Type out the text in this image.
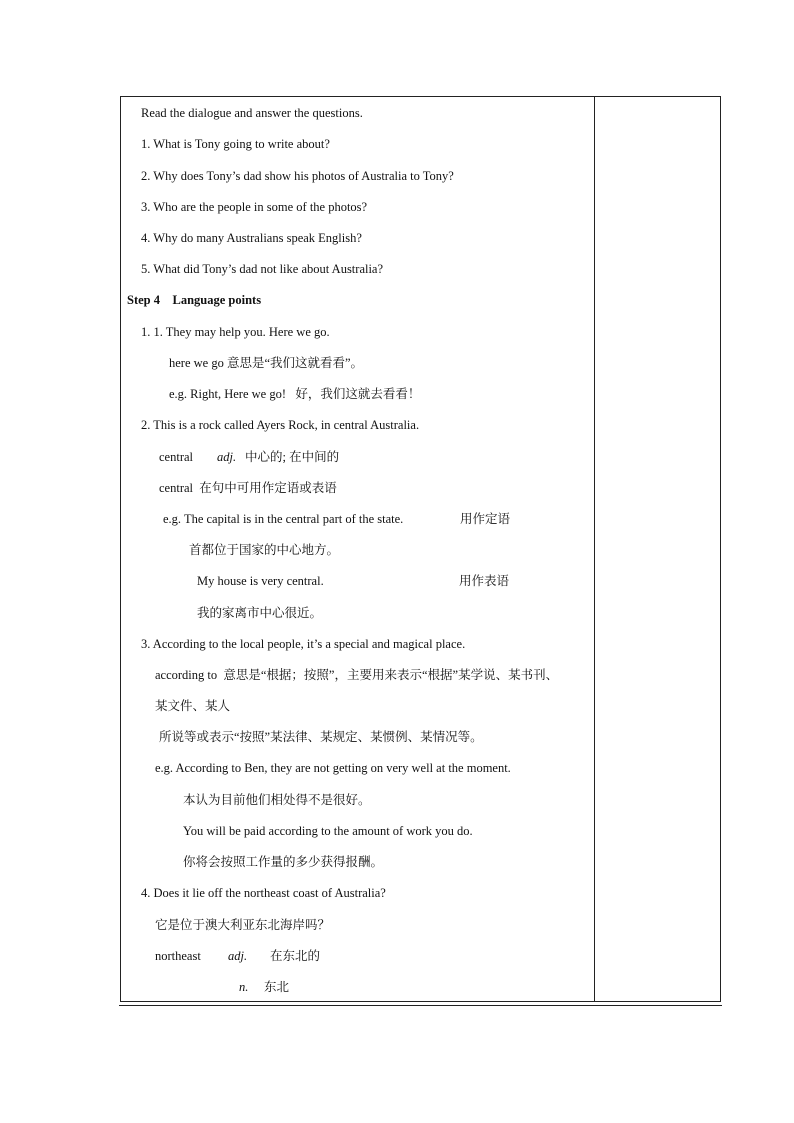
Read the dialogue and answer the questions.
1. What is Tony going to write about?
2. Why does Tony’s dad show his photos of Australia to Tony?
3. Who are the people in some of the photos?
4. Why do many Australians speak English?
5. What did Tony’s dad not like about Australia?
Step 4    Language points
1. 1. They may help you. Here we go.
here we go 意思是“我们这就看看”。
e.g. Right, Here we go!   好，我们这就去看看！
2. This is a rock called Ayers Rock, in central Australia.
central adj. 中心的; 在中间的
central  在句中可用作定语或表语
e.g. The capital is in the central part of the state.	用作定语
首都位于国家的中心地方。
My house is very central.	用作表语
我的家离市中心很近。
3. According to the local people, it’s a special and magical place.
according to  意思是“根据；按照”，主要用来表示“根据”某学说、某书刊、
某文件、某人
所说等或表示“按照”某法律、某规定、某惯例、某情况等。
e.g. According to Ben, they are not getting on very well at the moment.
本认为目前他们相处得不是很好。
You will be paid according to the amount of work you do.
你将会按照工作量的多少获得报酬。
4. Does it lie off the northeast coast of Australia?
它是位于澳大利亚东北海岸吗？
northeast adj. 在东北的
n. 东北
